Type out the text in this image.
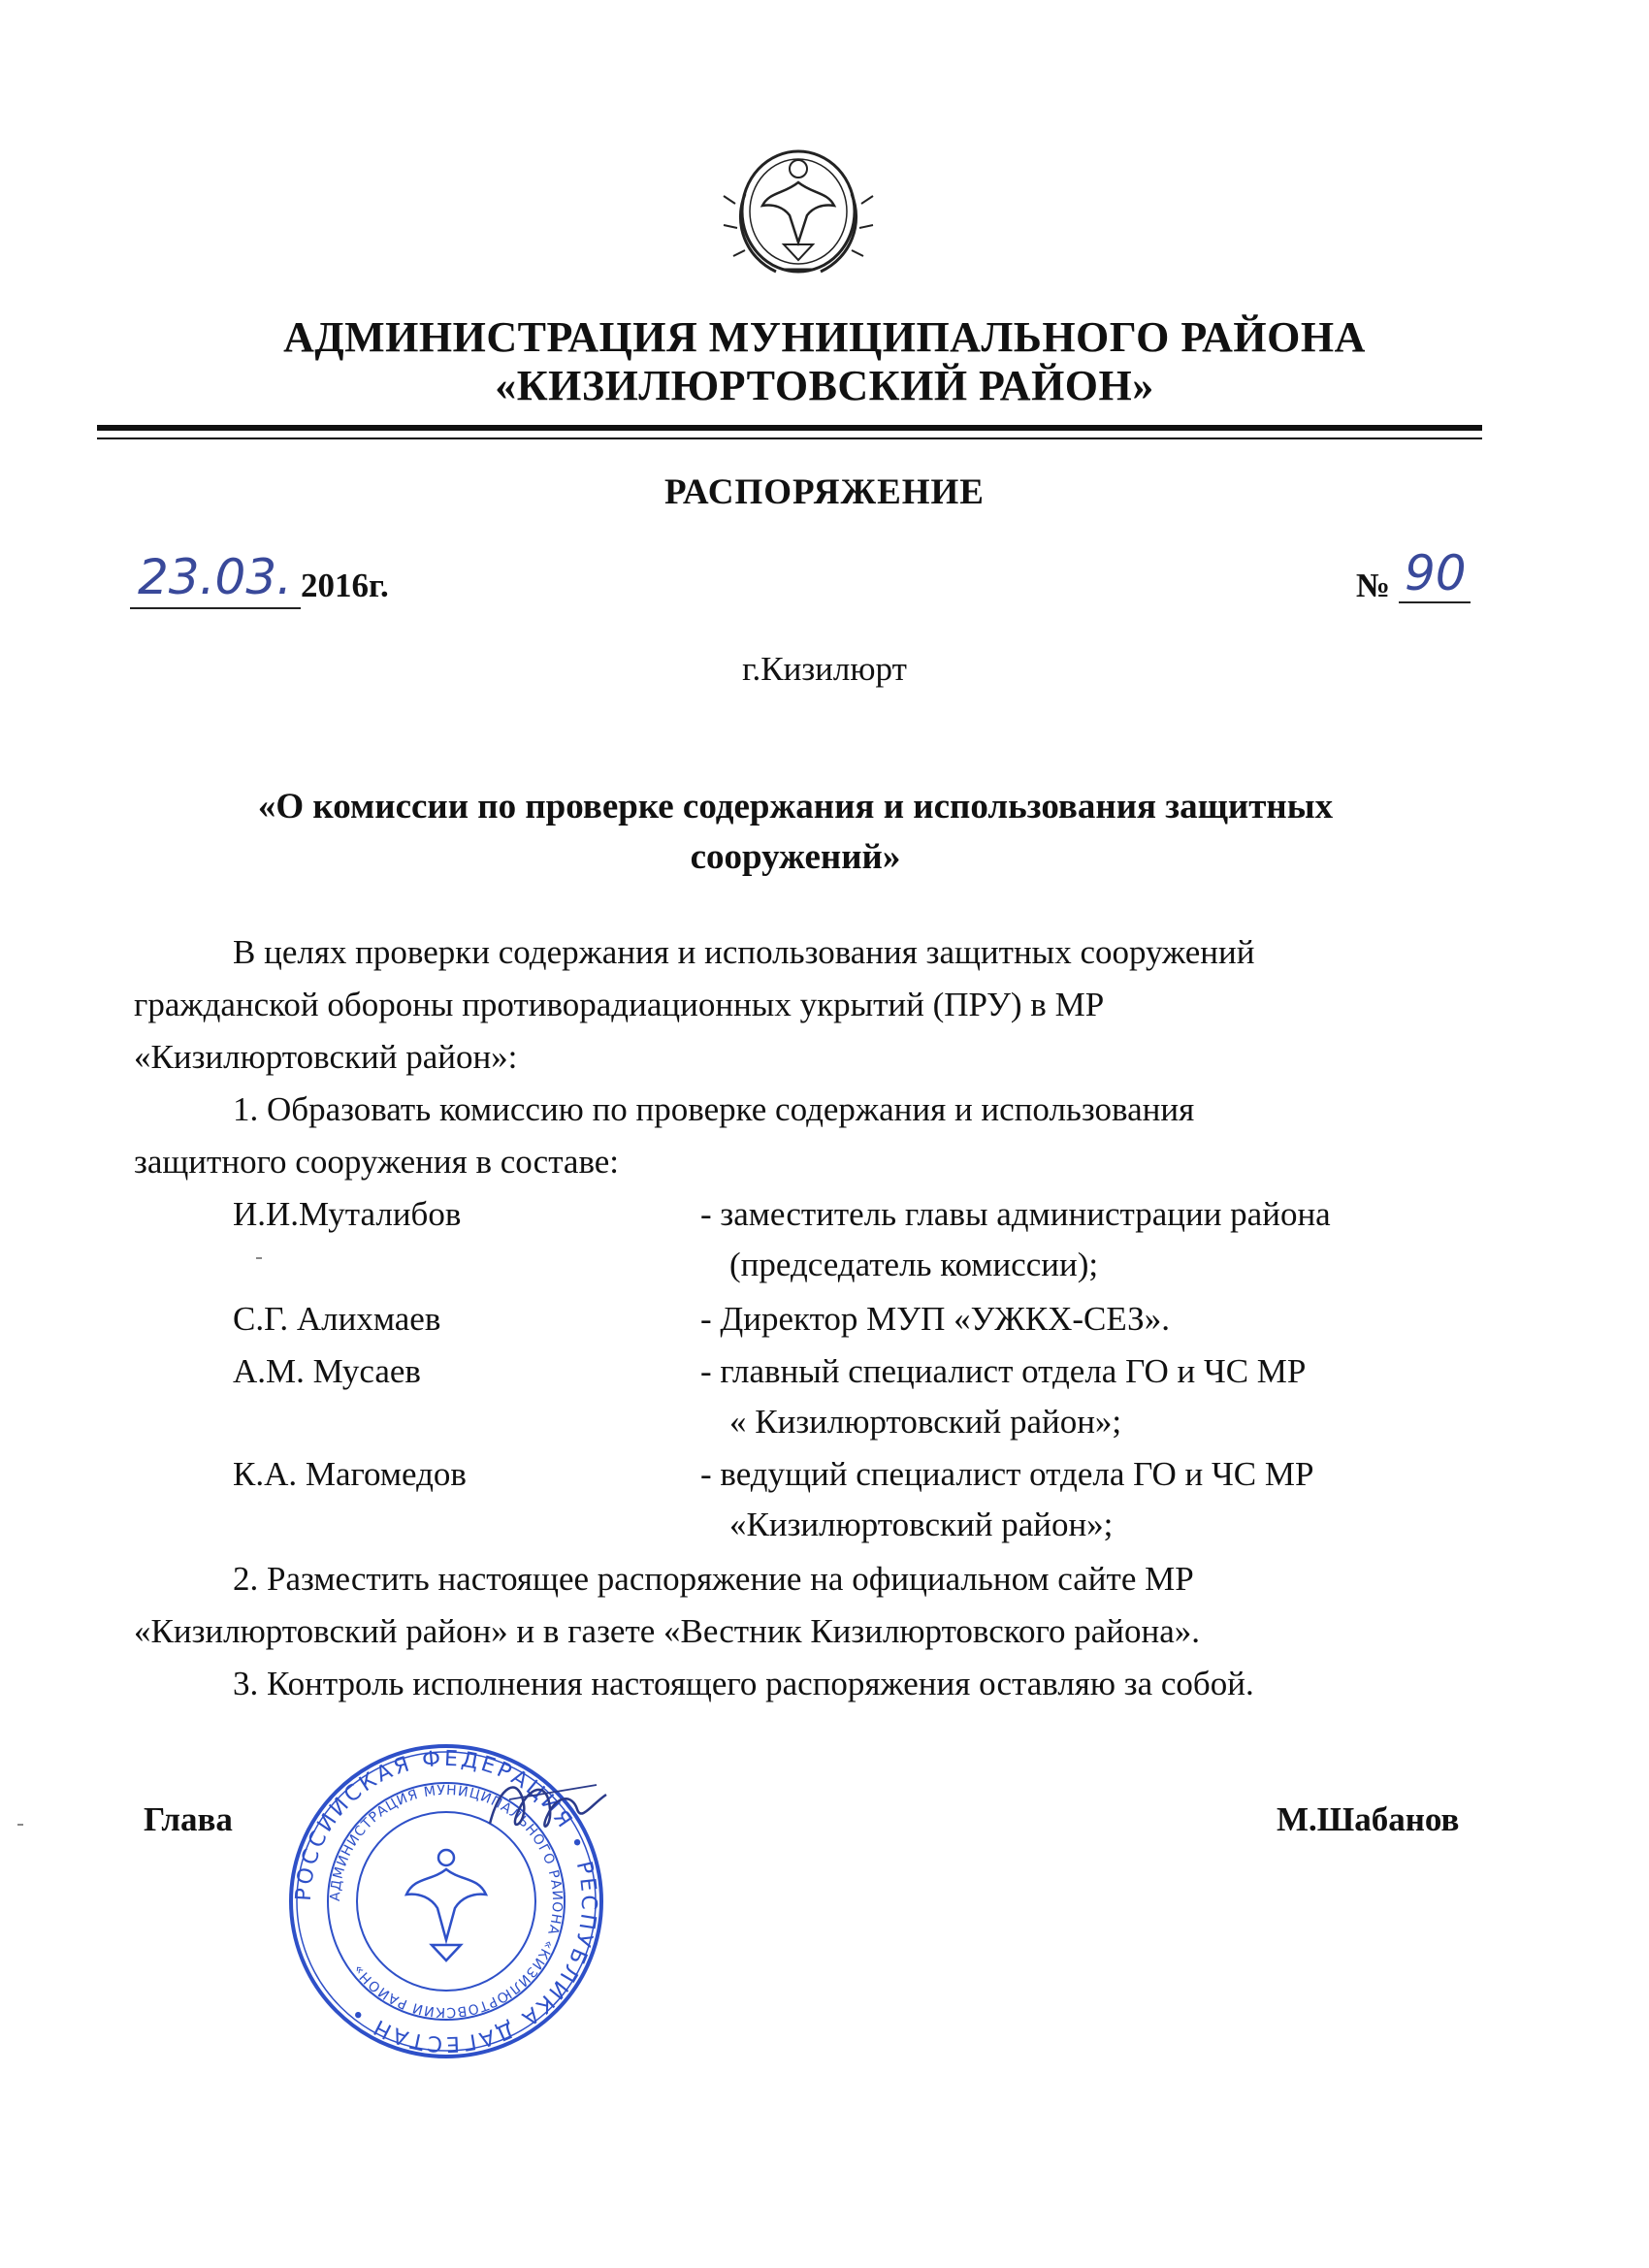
АДМИНИСТРАЦИЯ МУНИЦИПАЛЬНОГО РАЙОНА
«КИЗИЛЮРТОВСКИЙ РАЙОН»
РАСПОРЯЖЕНИЕ
23.03. 2016г.	№ 90
г.Кизилюрт
«О комиссии по проверке содержания и использования защитных
сооружений»
В целях проверки содержания и использования защитных сооружений
гражданской обороны противорадиационных укрытий (ПРУ) в МР
«Кизилюртовский район»:
1. Образовать комиссию по проверке содержания и использования
защитного сооружения в составе:
И.И.Муталибов	- заместитель главы администрации района
(председатель комиссии);
С.Г. Алихмаев	- Директор МУП «УЖКХ-СЕЗ».
А.М. Мусаев	- главный специалист отдела ГО и ЧС МР
« Кизилюртовский район»;
К.А. Магомедов	- ведущий специалист отдела ГО и ЧС МР
«Кизилюртовский район»;
2. Разместить настоящее распоряжение на официальном сайте МР
«Кизилюртовский район» и в газете «Вестник Кизилюртовского района».
3. Контроль исполнения настоящего распоряжения оставляю за собой.
Глава	М.Шабанов
РОССИЙСКАЯ ФЕДЕРАЦИЯ • РЕСПУБЛИКА ДАГЕСТАН •
АДМИНИСТРАЦИЯ МУНИЦИПАЛЬНОГО РАЙОНА «КИЗИЛЮРТОВСКИЙ РАЙОН»
